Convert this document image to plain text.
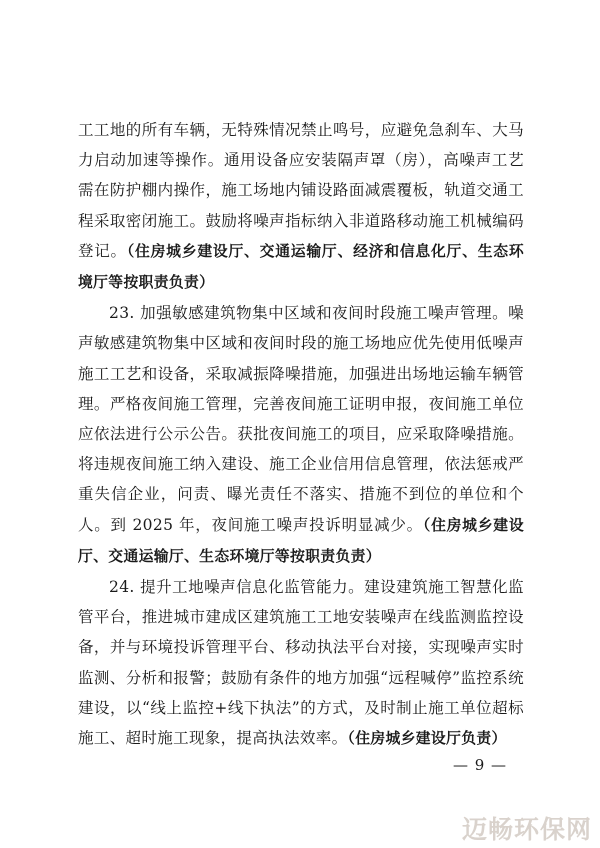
工工地的所有车辆，无特殊情况禁止鸣号，应避免急刹车、大马力启动加速等操作。通用设备应安装隔声罩（房），高噪声工艺需在防护棚内操作，施工场地内铺设路面减震覆板，轨道交通工程采取密闭施工。鼓励将噪声指标纳入非道路移动施工机械编码登记。（住房城乡建设厅、交通运输厅、经济和信息化厅、生态环境厅等按职责负责）

23. 加强敏感建筑物集中区域和夜间时段施工噪声管理。噪声敏感建筑物集中区域和夜间时段的施工场地应优先使用低噪声施工工艺和设备，采取减振降噪措施，加强进出场地运输车辆管理。严格夜间施工管理，完善夜间施工证明申报，夜间施工单位应依法进行公示公告。获批夜间施工的项目，应采取降噪措施。将违规夜间施工纳入建设、施工企业信用信息管理，依法惩戒严重失信企业，问责、曝光责任不落实、措施不到位的单位和个人。到 2025 年，夜间施工噪声投诉明显减少。（住房城乡建设厅、交通运输厅、生态环境厅等按职责负责）

24. 提升工地噪声信息化监管能力。建设建筑施工智慧化监管平台，推进城市建成区建筑施工工地安装噪声在线监测监控设备，并与环境投诉管理平台、移动执法平台对接，实现噪声实时监测、分析和报警；鼓励有条件的地方加强“远程喊停”监控系统建设，以“线上监控+线下执法”的方式，及时制止施工单位超标施工、超时施工现象，提高执法效率。（住房城乡建设厅负责）

— 9 —
迈畅环保网
